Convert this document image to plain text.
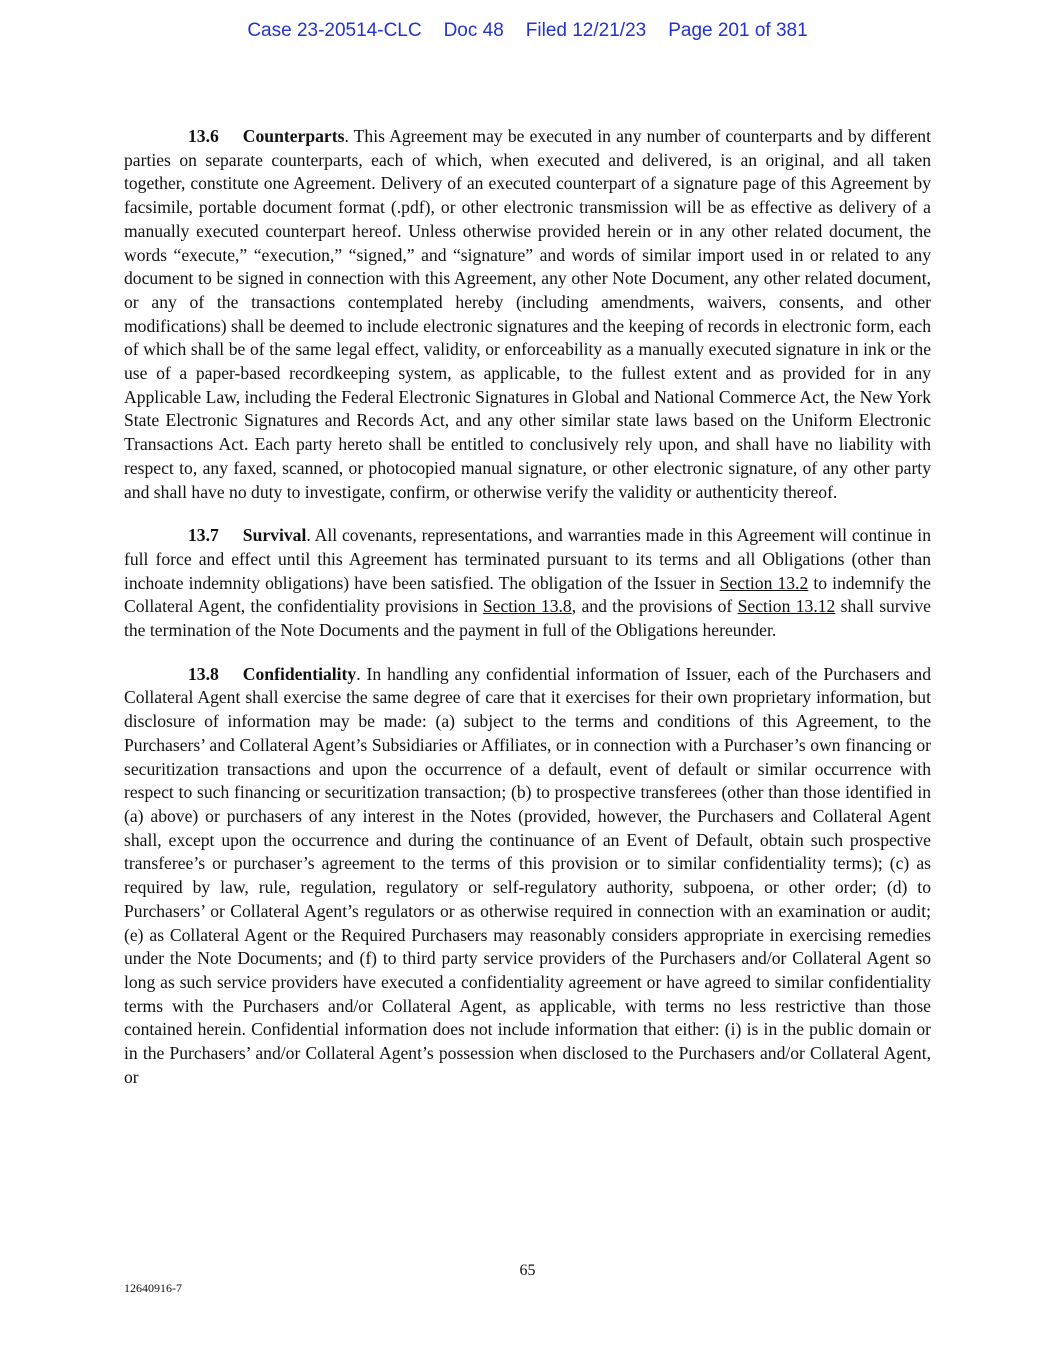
Case 23-20514-CLC Doc 48 Filed 12/21/23 Page 201 of 381

13.6 Counterparts. This Agreement may be executed in any number of counterparts and by different parties on separate counterparts, each of which, when executed and delivered, is an original, and all taken together, constitute one Agreement. Delivery of an executed counterpart of a signature page of this Agreement by facsimile, portable document format (.pdf), or other electronic transmission will be as effective as delivery of a manually executed counterpart hereof. Unless otherwise provided herein or in any other related document, the words “execute,” “execution,” “signed,” and “signature” and words of similar import used in or related to any document to be signed in connection with this Agreement, any other Note Document, any other related document, or any of the transactions contemplated hereby (including amendments, waivers, consents, and other modifications) shall be deemed to include electronic signatures and the keeping of records in electronic form, each of which shall be of the same legal effect, validity, or enforceability as a manually executed signature in ink or the use of a paper-based recordkeeping system, as applicable, to the fullest extent and as provided for in any Applicable Law, including the Federal Electronic Signatures in Global and National Commerce Act, the New York State Electronic Signatures and Records Act, and any other similar state laws based on the Uniform Electronic Transactions Act. Each party hereto shall be entitled to conclusively rely upon, and shall have no liability with respect to, any faxed, scanned, or photocopied manual signature, or other electronic signature, of any other party and shall have no duty to investigate, confirm, or otherwise verify the validity or authenticity thereof.

13.7 Survival. All covenants, representations, and warranties made in this Agreement will continue in full force and effect until this Agreement has terminated pursuant to its terms and all Obligations (other than inchoate indemnity obligations) have been satisfied. The obligation of the Issuer in Section 13.2 to indemnify the Collateral Agent, the confidentiality provisions in Section 13.8, and the provisions of Section 13.12 shall survive the termination of the Note Documents and the payment in full of the Obligations hereunder.

13.8 Confidentiality. In handling any confidential information of Issuer, each of the Purchasers and Collateral Agent shall exercise the same degree of care that it exercises for their own proprietary information, but disclosure of information may be made: (a) subject to the terms and conditions of this Agreement, to the Purchasers’ and Collateral Agent’s Subsidiaries or Affiliates, or in connection with a Purchaser’s own financing or securitization transactions and upon the occurrence of a default, event of default or similar occurrence with respect to such financing or securitization transaction; (b) to prospective transferees (other than those identified in (a) above) or purchasers of any interest in the Notes (provided, however, the Purchasers and Collateral Agent shall, except upon the occurrence and during the continuance of an Event of Default, obtain such prospective transferee’s or purchaser’s agreement to the terms of this provision or to similar confidentiality terms); (c) as required by law, rule, regulation, regulatory or self-regulatory authority, subpoena, or other order; (d) to Purchasers’ or Collateral Agent’s regulators or as otherwise required in connection with an examination or audit; (e) as Collateral Agent or the Required Purchasers may reasonably considers appropriate in exercising remedies under the Note Documents; and (f) to third party service providers of the Purchasers and/or Collateral Agent so long as such service providers have executed a confidentiality agreement or have agreed to similar confidentiality terms with the Purchasers and/or Collateral Agent, as applicable, with terms no less restrictive than those contained herein. Confidential information does not include information that either: (i) is in the public domain or in the Purchasers’ and/or Collateral Agent’s possession when disclosed to the Purchasers and/or Collateral Agent, or

65
12640916-7
